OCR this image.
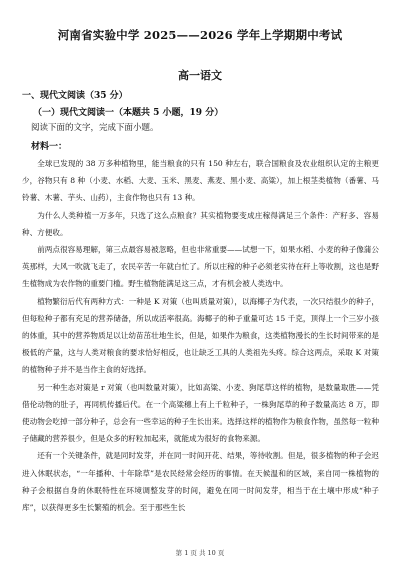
河南省实验中学 2025——2026 学年上学期期中考试
高一语文
一、现代文阅读（35 分）
（一）现代文阅读一（本题共 5 小题，19 分）
阅读下面的文字，完成下面小题。
材料一：

全球已发现的 38 万多种植物里，能当粮食的只有 150 种左右，联合国粮食及农业组织认定的主粮更少，谷物只有 8 种（小麦、水稻、大麦、玉米、黑麦、燕麦、黑小麦、高粱），加上根茎类植物（番薯、马铃薯、木薯、芋头、山药），主食作物也只有 13 种。

为什么人类种植一万多年，只选了这么点粮食？其实植物要变成庄稼得满足三个条件：产籽多、容易种、方便收。

前两点很容易理解，第三点最容易被忽略，但也非常重要——试想一下，如果水稻、小麦的种子像蒲公英那样，大风一吹就飞走了，农民辛苦一年就白忙了。所以庄稼的种子必须老实待在秆上等收割，这也是野生植物成为农作物的重要门槛。野生植物能满足这三点，才有机会被人类选中。

植物繁衍后代有两种方式：一种是 K 对策（也叫质量对策），以海椰子为代表，一次只结很少的种子，但每粒种子都有充足的营养储备，所以成活率很高。海椰子的种子重量可达 15 千克，顶得上一个三岁小孩的体重，其中的营养物质足以让幼苗茁壮地生长，但是，如果作为粮食，这类植物漫长的生长时间带来的是极低的产量，这与人类对粮食的要求恰好相反，也让缺乏工具的人类祖先头疼。综合这两点，采取 K 对策的植物种子并不是当作主食的好选择。

另一种生态对策是 r 对策（也叫数量对策），比如高粱、小麦、狗尾草这样的植物，是数量取胜——凭借伦动物的肚子，再同机传播后代。在一个高粱穗上有上千粒种子，一株狗尾草的种子数量高达 8 万，即使动物会吃掉一部分种子，总会有一些幸运的种子生长出来。选择这样的植物作为粮食作物，虽然每一粒种子储藏的营养很少，但是众多的籽粒加起来，就能成为很好的食物来源。

还有一个关键条件，就是同时发芽，并在同一时间开花、结果，等待收割。但是，很多植物的种子会迟进入休眠状态，“一年播种、十年除草”是农民经常会经历的事情。在天候温和的区域，来自同一株植物的种子会根据自身的休眠特性在环境调整发芽的时间，避免在同一时间发芽，相当于在土壤中形成“种子库”，以获得更多生长繁殖的机会。至于那些生长

第 1 页 共 10 页
